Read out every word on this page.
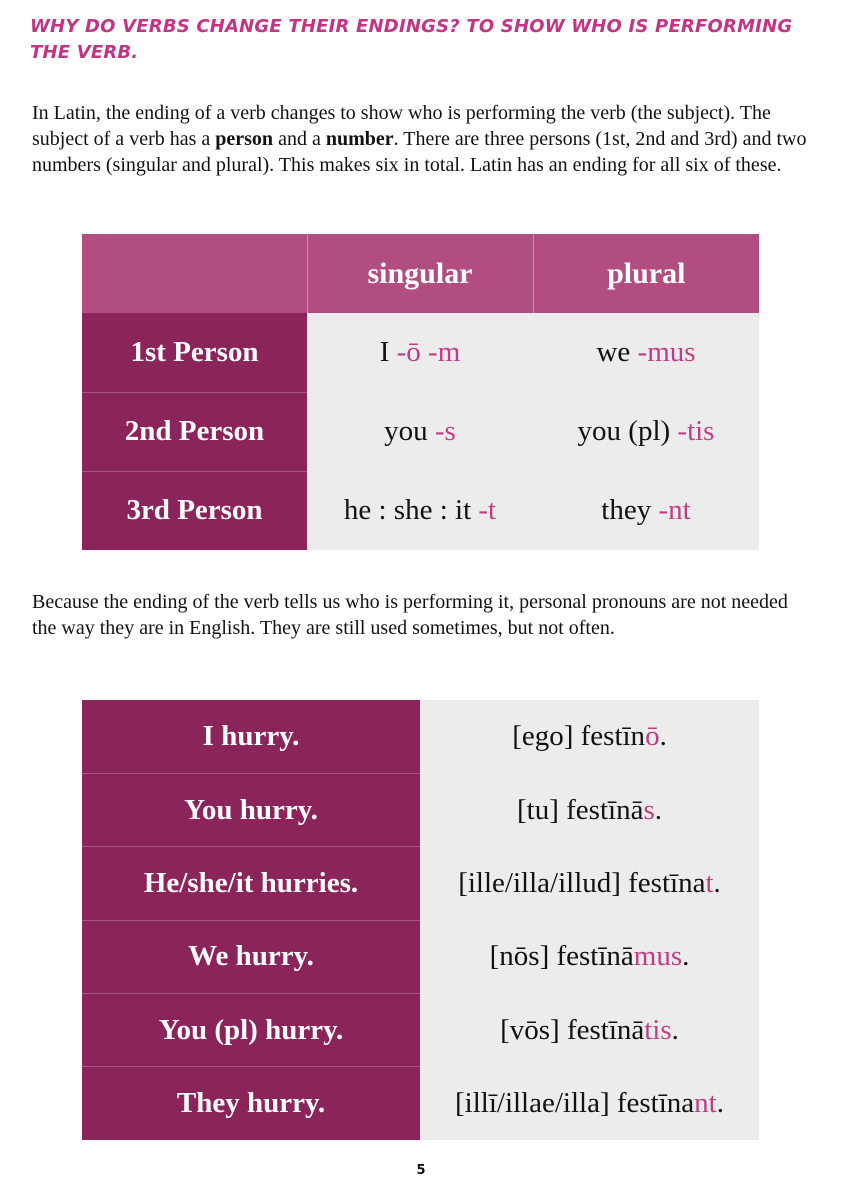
WHY DO VERBS CHANGE THEIR ENDINGS? TO SHOW WHO IS PERFORMING THE VERB.

In Latin, the ending of a verb changes to show who is performing the verb (the subject). The subject of a verb has a person and a number. There are three persons (1st, 2nd and 3rd) and two numbers (singular and plural). This makes six in total. Latin has an ending for all six of these.

	singular	plural
1st Person	I -ō -m	we -mus
2nd Person	you -s	you (pl) -tis
3rd Person	he : she : it -t	they -nt

Because the ending of the verb tells us who is performing it, personal pronouns are not needed the way they are in English. They are still used sometimes, but not often.

I hurry.	[ego] festīnō.
You hurry.	[tu] festīnās.
He/she/it hurries.	[ille/illa/illud] festīnat.
We hurry.	[nōs] festīnāmus.
You (pl) hurry.	[vōs] festīnātis.
They hurry.	[illī/illae/illa] festīnant.
5
